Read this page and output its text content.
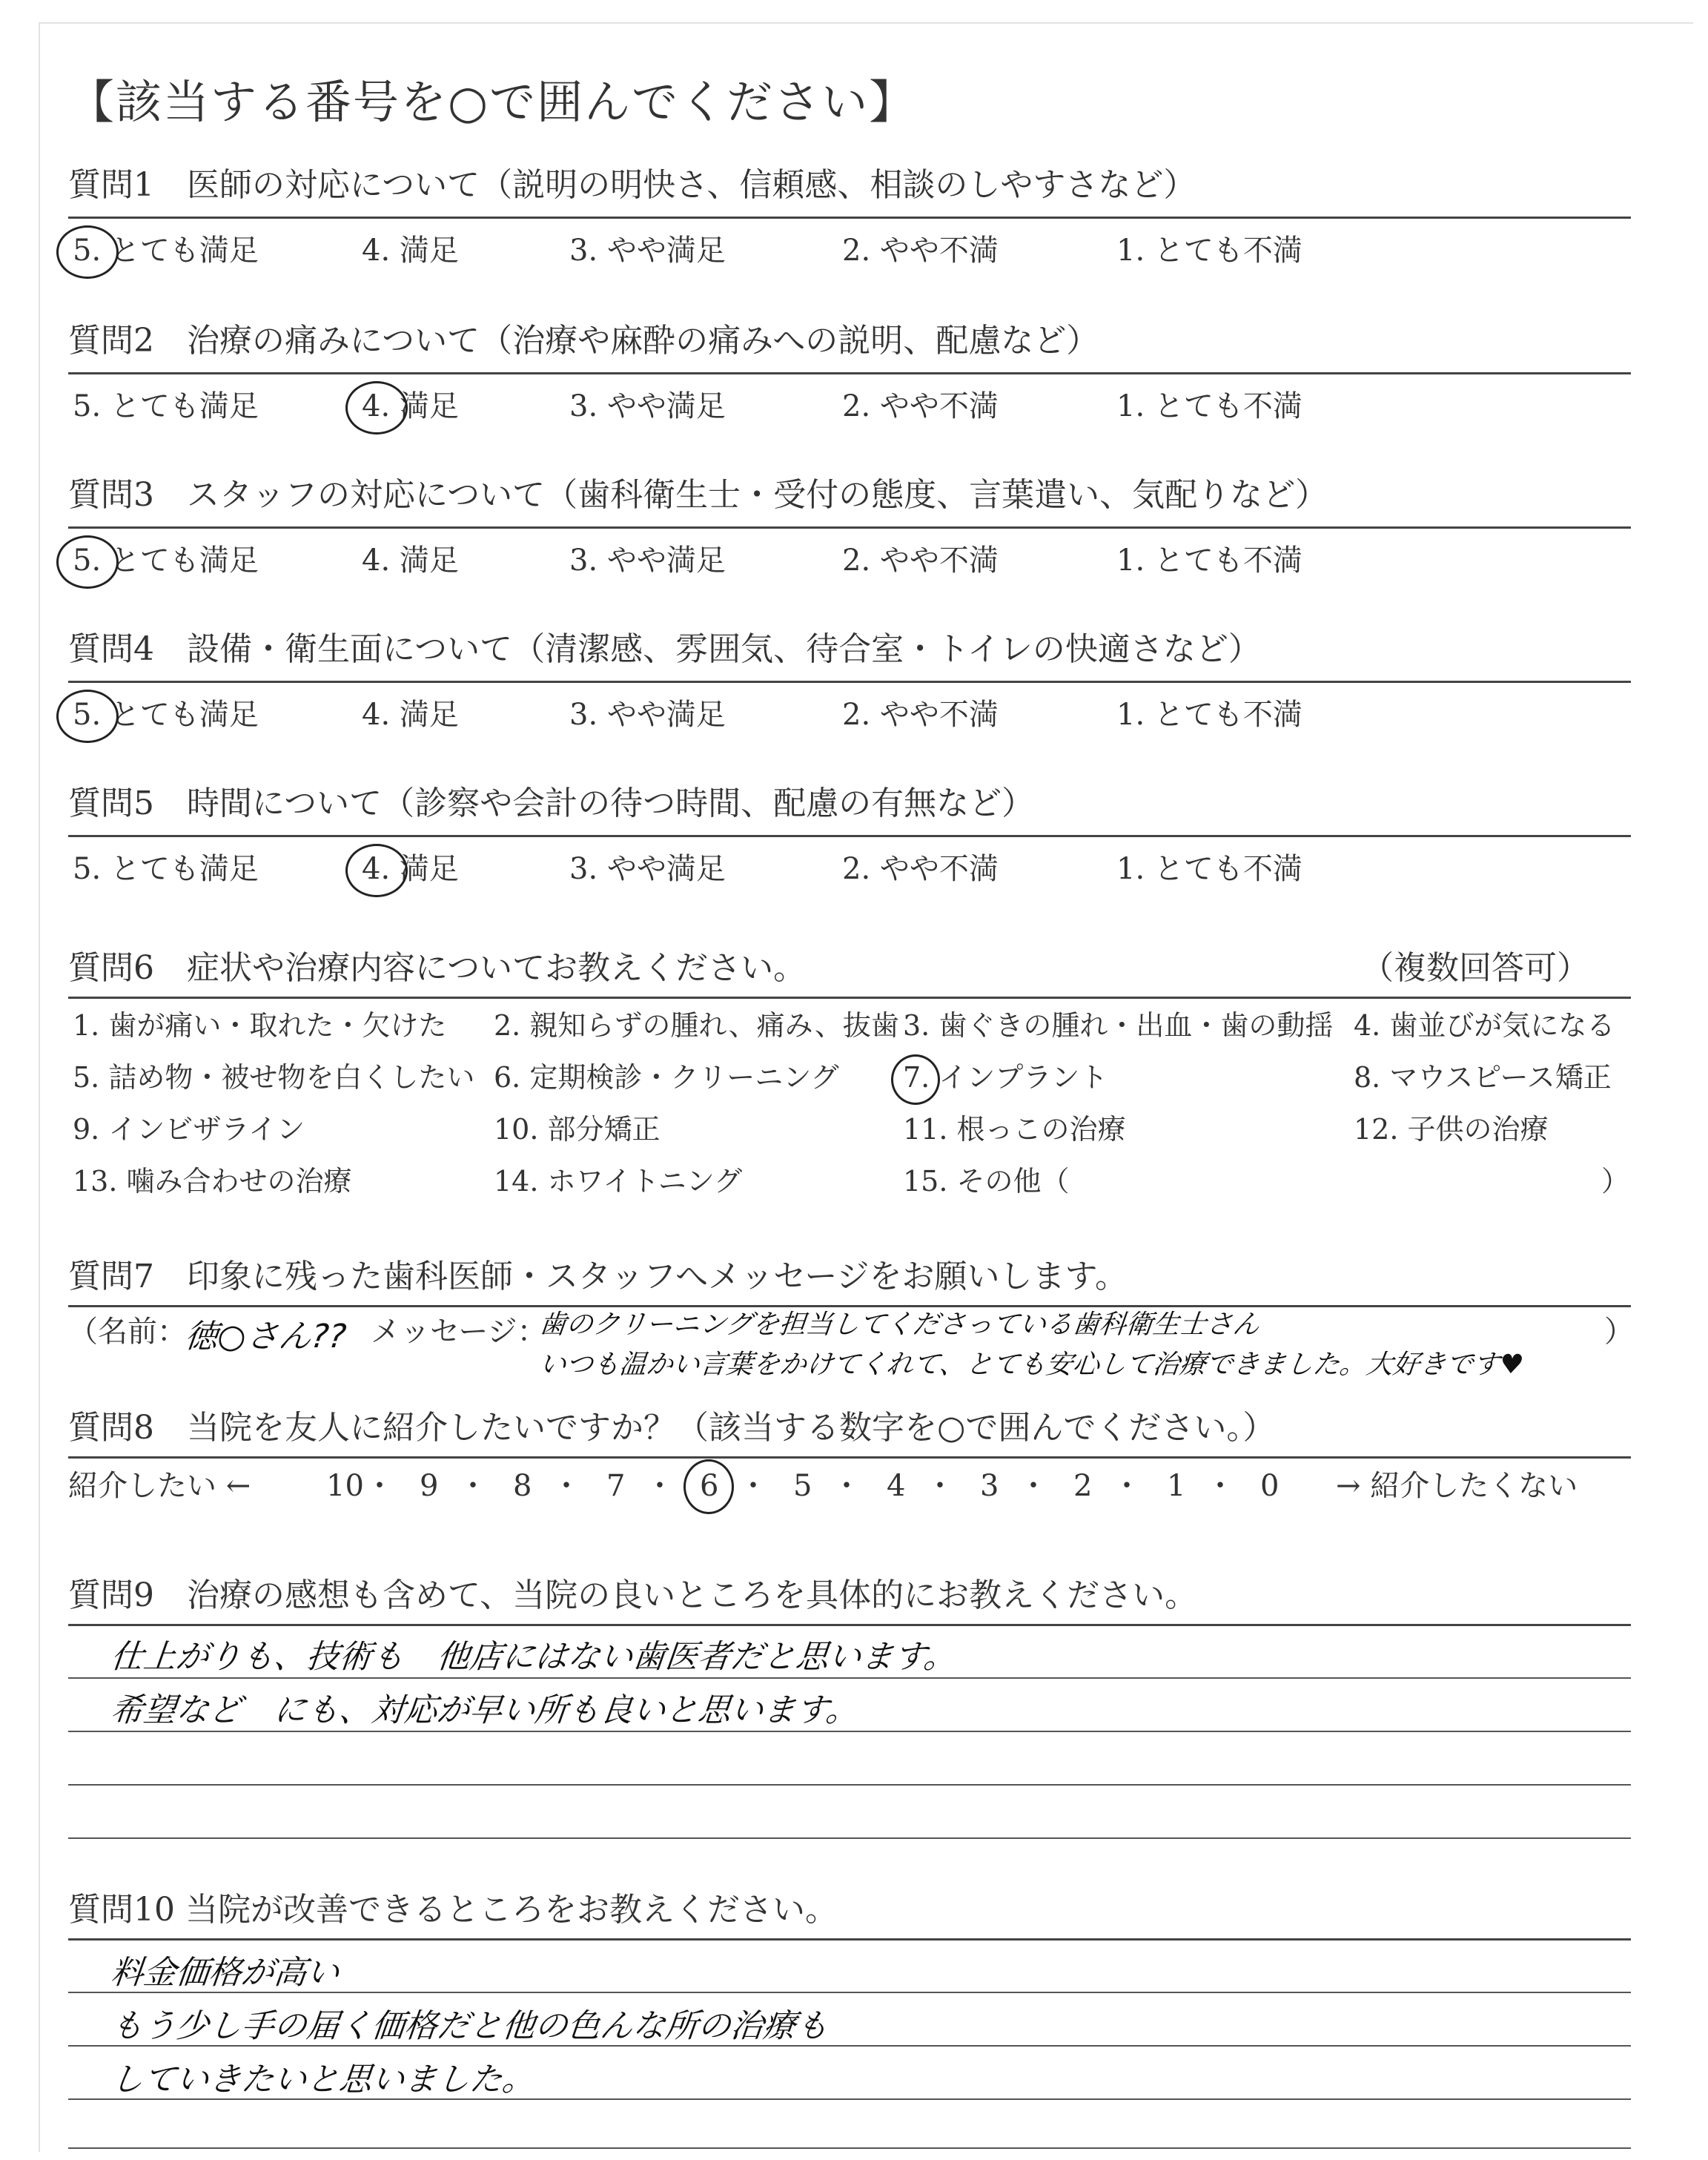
【該当する番号を○で囲んでください】
質問1　医師の対応について（説明の明快さ、信頼感、相談のしやすさなど）
5. とても満足	4. 満足	3. やや満足	2. やや不満	1. とても不満
質問2　治療の痛みについて（治療や麻酔の痛みへの説明、配慮など）
5. とても満足	4. 満足	3. やや満足	2. やや不満	1. とても不満
質問3　スタッフの対応について（歯科衛生士・受付の態度、言葉遣い、気配りなど）
5. とても満足	4. 満足	3. やや満足	2. やや不満	1. とても不満
質問4　設備・衛生面について（清潔感、雰囲気、待合室・トイレの快適さなど）
5. とても満足	4. 満足	3. やや満足	2. やや不満	1. とても不満
質問5　時間について（診察や会計の待つ時間、配慮の有無など）
5. とても満足	4. 満足	3. やや満足	2. やや不満	1. とても不満
質問6　症状や治療内容についてお教えください。	（複数回答可）
1. 歯が痛い・取れた・欠けた 2. 親知らずの腫れ、痛み、抜歯 3. 歯ぐきの腫れ・出血・歯の動揺 4. 歯並びが気になる
5. 詰め物・被せ物を白くしたい 6. 定期検診・クリーニング 7. インプラント	8. マウスピース矯正
9. インビザライン	10. 部分矯正	11. 根っこの治療	12. 子供の治療
13. 噛み合わせの治療	14. ホワイトニング	15. その他（	）
質問7　印象に残った歯科医師・スタッフへメッセージをお願いします。
（名前：
徳○さん?? メッセージ：
歯のクリーニングを担当してくださっている歯科衛生士さん
いつも温かい言葉をかけてくれて、とても安心して治療できました。大好きです♥
）
質問8　当院を友人に紹介したいですか？（該当する数字を○で囲んでください。）
紹介したい ←	10 ・ 9 ・ 8 ・ 7 ・ 6 ・ 5 ・ 4 ・ 3 ・ 2 ・ 1 ・ 0 → 紹介したくない
質問9　治療の感想も含めて、当院の良いところを具体的にお教えください。
仕上がりも、技術も　他店にはない歯医者だと思います。
希望など　にも、対応が早い所も良いと思います。
質問10 当院が改善できるところをお教えください。
料金価格が高い
もう少し手の届く価格だと他の色んな所の治療も
していきたいと思いました。
